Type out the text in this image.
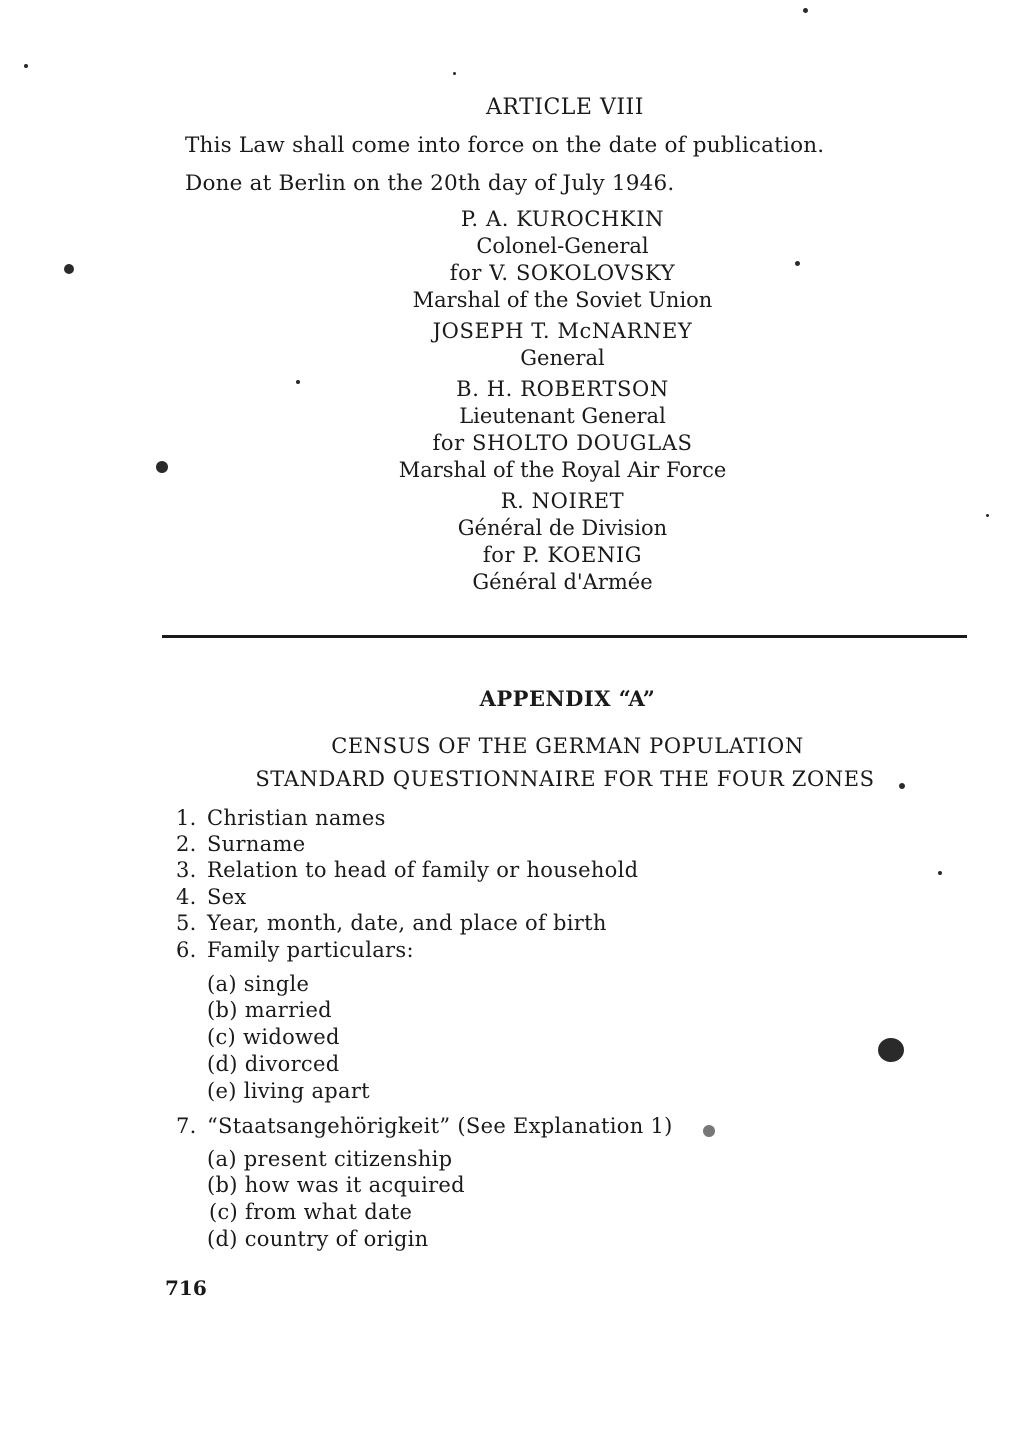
ARTICLE VIII
This Law shall come into force on the date of publication.
Done at Berlin on the 20th day of July 1946.
P. A. KUROCHKIN
Colonel-General
for V. SOKOLOVSKY
Marshal of the Soviet Union
JOSEPH T. McNARNEY
General
B. H. ROBERTSON
Lieutenant General
for SHOLTO DOUGLAS
Marshal of the Royal Air Force
R. NOIRET
Général de Division
for P. KOENIG
Général d'Armée
APPENDIX “A”
CENSUS OF THE GERMAN POPULATION
STANDARD QUESTIONNAIRE FOR THE FOUR ZONES
1. Christian names
2. Surname
3. Relation to head of family or household
4. Sex
5. Year, month, date, and place of birth
6. Family particulars:
(a) single
(b) married
(c) widowed
(d) divorced
(e) living apart
7. “Staatsangehörigkeit” (See Explanation 1)
(a) present citizenship
(b) how was it acquired
(c) from what date
(d) country of origin
716
